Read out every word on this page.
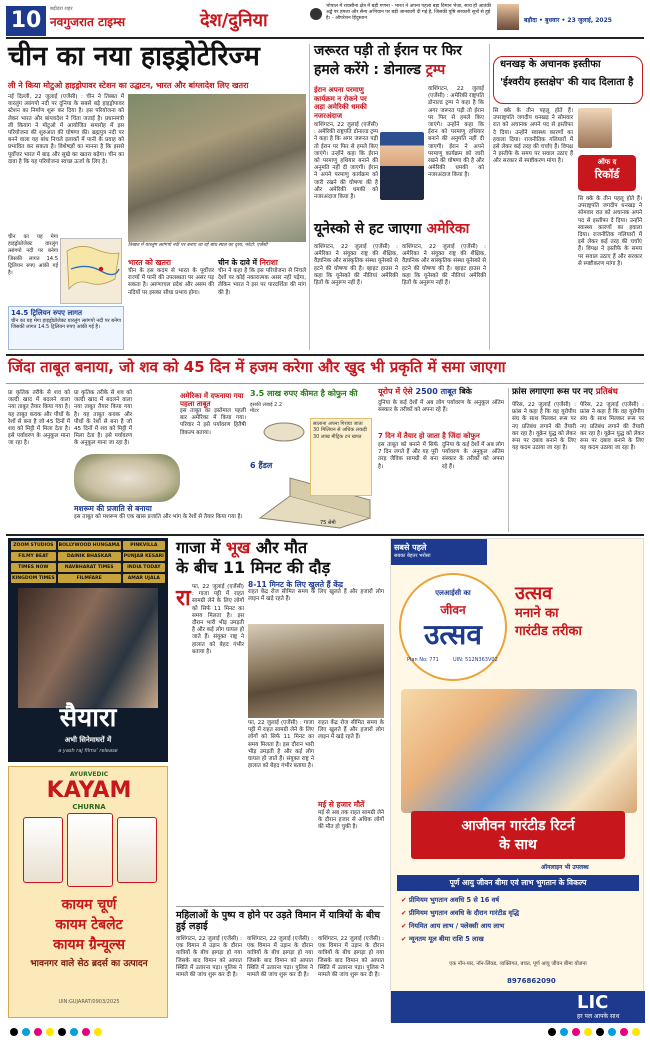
10	बड़ोदरा शहर
नवगुजरात टाइम्स	देश/दुनिया
भोपाल में रायसीना क्षेत्र में बड़ी गणना - भारत ने अपना पहला बड़ा विमान भेजा, साथ ही आतंकी अड्डे पर हमला और सैन्य अभियान पर बड़ी जानकारी दी गई है, जिसकी पुष्टि सरकारी सूत्रों से हुई है। - ऑपरेशन हिंदुस्तान	बड़ौदा • बुधवार • 23 जुलाई, 2025
चीन का नया हाइड्रोटेरिज्म
ली ने किया मोटुओ हाइड्रोपावर स्टेशन का उद्घाटन, भारत और बांग्लादेश लिए खतरा
नई दिल्ली, 22 जुलाई (एजेंसी) : चीन ने तिब्बत में यारलुंग त्सांगपो नदी पर दुनिया के सबसे बड़े हाइड्रोपावर स्टेशन का निर्माण शुरू कर दिया है। इस परियोजना को लेकर भारत और बांग्लादेश ने चिंता जताई है। प्रधानमंत्री ली कियांग ने मोटुओ में आयोजित समारोह में इस परियोजना की शुरुआत की घोषणा की। ब्रह्मपुत्र नदी पर बनने वाला यह बांध निचले इलाकों में पानी के प्रवाह को प्रभावित कर सकता है। विशेषज्ञों का मानना है कि इससे पूर्वोत्तर भारत में बाढ़ और सूखे का खतरा बढ़ेगा। चीन का दावा है कि यह परियोजना स्वच्छ ऊर्जा के लिए है।
चीन का यह मेगा हाइड्रोप्रोजेक्ट यारलुंग त्सांगपो नदी पर बनेगा जिसकी लागत 14.5 ट्रिलियन रुपए आंकी गई है।
14.5 ट्रिलियन रुपए लागत
चीन का यह मेगा हाइड्रोप्रोजेक्ट यारलुंग त्सांगपो नदी पर बनेगा जिसकी लागत 14.5 ट्रिलियन रुपए आंकी गई है।
तिब्बत में यारलुंग त्सांगपो नदी पर बनाए जा रहे बांध स्थल का दृश्य, फोटो: एजेंसी
भारत को खतरा
चीन के इस कदम से भारत के पूर्वोत्तर राज्यों में पानी की उपलब्धता पर असर पड़ सकता है। अरुणाचल प्रदेश और असम की नदियों पर इसका सीधा प्रभाव होगा।
चीन के दावे में निराशा
चीन ने कहा है कि इस परियोजना से निचले देशों पर कोई नकारात्मक असर नहीं पड़ेगा, लेकिन भारत ने इस पर पारदर्शिता की मांग की है।
जरूरत पड़ी तो ईरान पर फिर
हमले करेंगे : डोनाल्ड ट्रम्प
ईरान अपना परमाणु कार्यक्रम न रोकने पर अड़ा अमेरिकी धमकी नजरअंदाज
वाशिंगटन, 22 जुलाई (एजेंसी) : अमेरिकी राष्ट्रपति डोनाल्ड ट्रम्प ने कहा है कि अगर जरूरत पड़ी तो ईरान पर फिर से हमले किए जाएंगे। उन्होंने कहा कि ईरान को परमाणु हथियार बनाने की अनुमति नहीं दी जाएगी। ईरान ने अपने परमाणु कार्यक्रम को जारी रखने की घोषणा की है और अमेरिकी धमकी को नजरअंदाज किया है।
वाशिंगटन, 22 जुलाई (एजेंसी) : अमेरिकी राष्ट्रपति डोनाल्ड ट्रम्प ने कहा है कि अगर जरूरत पड़ी तो ईरान पर फिर से हमले किए जाएंगे। उन्होंने कहा कि ईरान को परमाणु हथियार बनाने की अनुमति नहीं दी जाएगी। ईरान ने अपने परमाणु कार्यक्रम को जारी रखने की घोषणा की है और अमेरिकी धमकी को नजरअंदाज किया है।
यूनेस्को से हट जाएगा अमेरिका
वाशिंगटन, 22 जुलाई (एजेंसी) : अमेरिका ने संयुक्त राष्ट्र की शैक्षिक, वैज्ञानिक और सांस्कृतिक संस्था यूनेस्को से हटने की घोषणा की है। व्हाइट हाउस ने कहा कि यूनेस्को की नीतियां अमेरिकी हितों के अनुरूप नहीं हैं।
वाशिंगटन, 22 जुलाई (एजेंसी) : अमेरिका ने संयुक्त राष्ट्र की शैक्षिक, वैज्ञानिक और सांस्कृतिक संस्था यूनेस्को से हटने की घोषणा की है। व्हाइट हाउस ने कहा कि यूनेस्को की नीतियां अमेरिकी हितों के अनुरूप नहीं हैं।
धनखड़ के अचानक इस्तीफा
'ईश्वरीय हस्तक्षेप' की याद दिलाता है
सि क्के के तीन पहलू होते हैं। उपराष्ट्रपति जगदीप धनखड़ ने सोमवार रात को अचानक अपने पद से इस्तीफा दे दिया। उन्होंने स्वास्थ्य कारणों का हवाला दिया। राजनीतिक गलियारों में इसे लेकर कई तरह की चर्चाएं हैं। विपक्ष ने इस्तीफे के समय पर सवाल उठाए हैं और सरकार से स्पष्टीकरण मांगा है।	ऑफ द
रिकॉर्ड
सि क्के के तीन पहलू होते हैं। उपराष्ट्रपति जगदीप धनखड़ ने सोमवार रात को अचानक अपने पद से इस्तीफा दे दिया। उन्होंने स्वास्थ्य कारणों का हवाला दिया। राजनीतिक गलियारों में इसे लेकर कई तरह की चर्चाएं हैं। विपक्ष ने इस्तीफे के समय पर सवाल उठाए हैं और सरकार से स्पष्टीकरण मांगा है।
जिंदा ताबूत बनाया, जो शव को 45 दिन में हजम करेगा और खुद भी प्रकृति में समा जाएगा
प्रा कृतिक तरीके से शव को जल्दी खाद में बदलने वाला नया ताबूत तैयार किया गया है। यह ताबूत कवक और पौधों के रेशों से बना है जो 45 दिनों में शव को मिट्टी में मिला देता है। इसे पर्यावरण के अनुकूल माना जा रहा है।
प्रा कृतिक तरीके से शव को जल्दी खाद में बदलने वाला नया ताबूत तैयार किया गया है। यह ताबूत कवक और पौधों के रेशों से बना है जो 45 दिनों में शव को मिट्टी में मिला देता है। इसे पर्यावरण के अनुकूल माना जा रहा है।
अमेरिका में दफनाया गया पहला ताबूत
इस ताबूत का इस्तेमाल पहली बार अमेरिका में किया गया। परिवार ने इसे पर्यावरण हितैषी विकल्प बताया।
मशरूम की प्रजाति से बनाया
इस ताबूत को मशरूम की एक खास प्रजाति और भांग के रेशों से तैयार किया गया है।
3.5 लाख रुपए कीमत है कोफुन की
इसकी लंबाई 2.2 मीटर
6 हैंडल
75 सेमी
सालाना अपना गिराया जाता 30 मिलियन से अधिक लकड़ी 30 लाख मीट्रिक टन खपत
यूरोप में ऐसे 2500 ताबूत बिके
दुनिया के कई देशों में अब लोग पर्यावरण के अनुकूल अंतिम संस्कार के तरीकों को अपना रहे हैं।
7 दिन में तैयार हो जाता है जिंदा कोफुन
इस ताबूत को बनाने में सिर्फ 7 दिन लगते हैं और यह पूरी तरह जैविक सामग्री से बना है।
दुनिया के कई देशों में अब लोग पर्यावरण के अनुकूल अंतिम संस्कार के तरीकों को अपना रहे हैं।
फ्रांस लगाएगा रूस पर नए प्रतिबंध
पेरिस, 22 जुलाई (एजेंसी) : फ्रांस ने कहा है कि वह यूरोपीय संघ के साथ मिलकर रूस पर नए प्रतिबंध लगाने की तैयारी कर रहा है। यूक्रेन युद्ध को लेकर रूस पर दबाव बनाने के लिए यह कदम उठाया जा रहा है।
पेरिस, 22 जुलाई (एजेंसी) : फ्रांस ने कहा है कि वह यूरोपीय संघ के साथ मिलकर रूस पर नए प्रतिबंध लगाने की तैयारी कर रहा है। यूक्रेन युद्ध को लेकर रूस पर दबाव बनाने के लिए यह कदम उठाया जा रहा है।
ZOOM STUDIOS	BOLLYWOOD HUNGAMA	PINKVILLA
FILMY BEAT	DAINIK BHASKAR	PUNJAB KESARI
TIMES NOW	NAVBHARAT TIMES	INDIA TODAY
KINGDOM TIMES	FILMFARE	AMAR UJALA
सैयारा
अभी सिनेमाघरों में
a yash raj films' release
AYURVEDIC
KAYAM
CHURNA
कायम चूर्ण
कायम टेबलेट
कायम ग्रैन्यूल्स
भावनगर वाले सेठ ब्रदर्स का उत्पादन
UIN:GUJARAT/0903/2025
गाजा में भूख और मौत
के बीच 11 मिनट की दौड़
रा फा, 22 जुलाई (एजेंसी) : गाजा पट्टी में राहत सामग्री लेने के लिए लोगों को सिर्फ 11 मिनट का समय मिलता है। इस दौरान भारी भीड़ उमड़ती है और कई लोग घायल हो जाते हैं। संयुक्त राष्ट्र ने हालात को बेहद गंभीर बताया है।
8-11 मिनट के लिए खुलते हैं केंद्र
राहत केंद्र रोज सीमित समय के लिए खुलते हैं और हजारों लोग लाइन में खड़े रहते हैं।
फा, 22 जुलाई (एजेंसी) : गाजा पट्टी में राहत सामग्री लेने के लिए लोगों को सिर्फ 11 मिनट का समय मिलता है। इस दौरान भारी भीड़ उमड़ती है और कई लोग घायल हो जाते हैं। संयुक्त राष्ट्र ने हालात को बेहद गंभीर बताया है।
मई से हजार मौतें
मई से अब तक राहत सामग्री लेने के दौरान हजार से अधिक लोगों की मौत हो चुकी है।
राहत केंद्र रोज सीमित समय के लिए खुलते हैं और हजारों लोग लाइन में खड़े रहते हैं।
महिलाओं के पुष्प व होने पर उड़ते विमान में यात्रियों के बीच हुई लड़ाई
वाशिंगटन, 22 जुलाई (एजेंसी) : एक विमान में उड़ान के दौरान यात्रियों के बीच झगड़ा हो गया जिसके बाद विमान को आपात स्थिति में उतारना पड़ा। पुलिस ने मामले की जांच शुरू कर दी है।
वाशिंगटन, 22 जुलाई (एजेंसी) : एक विमान में उड़ान के दौरान यात्रियों के बीच झगड़ा हो गया जिसके बाद विमान को आपात स्थिति में उतारना पड़ा। पुलिस ने मामले की जांच शुरू कर दी है।
वाशिंगटन, 22 जुलाई (एजेंसी) : एक विमान में उड़ान के दौरान यात्रियों के बीच झगड़ा हो गया जिसके बाद विमान को आपात स्थिति में उतारना पड़ा। पुलिस ने मामले की जांच शुरू कर दी है।
सबसे पहले
सबका बेहतर भरोसा
एलआईसी का
जीवन
उत्सव
Plan No: 771	UIN: 512N363V02
उत्सव
मनाने का
गारंटीड तरीका
आजीवन गारंटीड रिटर्न
के साथ
ऑनलाइन भी उपलब्ध
पूर्ण आयु जीवन बीमा एवं लाभ भुगतान के विकल्प
✔ प्रीमियम भुगतान अवधि 5 से 16 वर्ष
✔ प्रीमियम भुगतान अवधि के दौरान गारंटीड वृद्धि
✔ नियमित आय लाभ / फ्लेक्सी आय लाभ
✔ न्यूनतम मूल बीमा राशि 5 लाख
एक नॉन-पार, नॉन-लिंक्ड, व्यक्तिगत, बचत, पूर्ण आयु जीवन बीमा योजना
8976862090
LIC
हर पल आपके साथ
